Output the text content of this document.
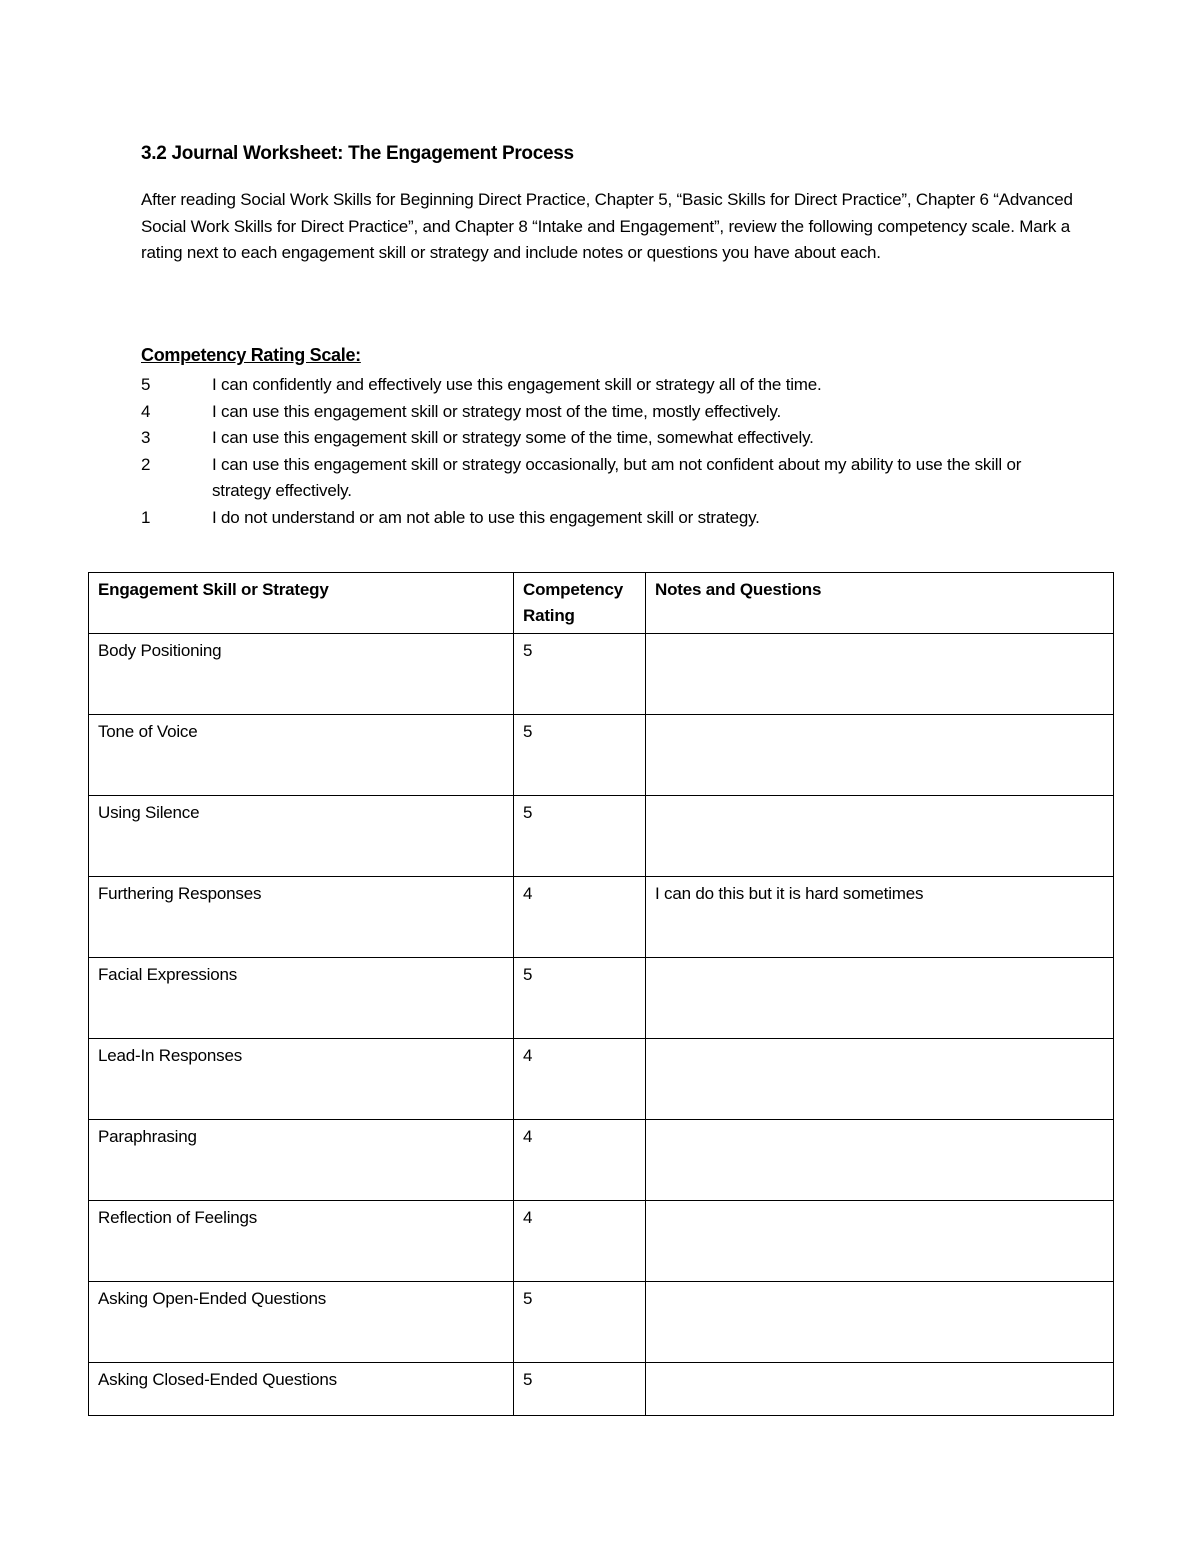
3.2 Journal Worksheet: The Engagement Process
After reading Social Work Skills for Beginning Direct Practice, Chapter 5, “Basic Skills for Direct Practice”, Chapter 6 “Advanced Social Work Skills for Direct Practice”, and Chapter 8 “Intake and Engagement”, review the following competency scale. Mark a rating next to each engagement skill or strategy and include notes or questions you have about each.
Competency Rating Scale:
5	I can confidently and effectively use this engagement skill or strategy all of the time.
4	I can use this engagement skill or strategy most of the time, mostly effectively.
3	I can use this engagement skill or strategy some of the time, somewhat effectively.
2	I can use this engagement skill or strategy occasionally, but am not confident about my ability to use the skill or strategy effectively.
1	I do not understand or am not able to use this engagement skill or strategy.
Engagement Skill or Strategy	Competency Rating	Notes and Questions
Body Positioning	5	
Tone of Voice	5	
Using Silence	5	
Furthering Responses	4	I can do this but it is hard sometimes
Facial Expressions	5	
Lead-In Responses	4	
Paraphrasing	4	
Reflection of Feelings	4	
Asking Open-Ended Questions	5	
Asking Closed-Ended Questions	5	
